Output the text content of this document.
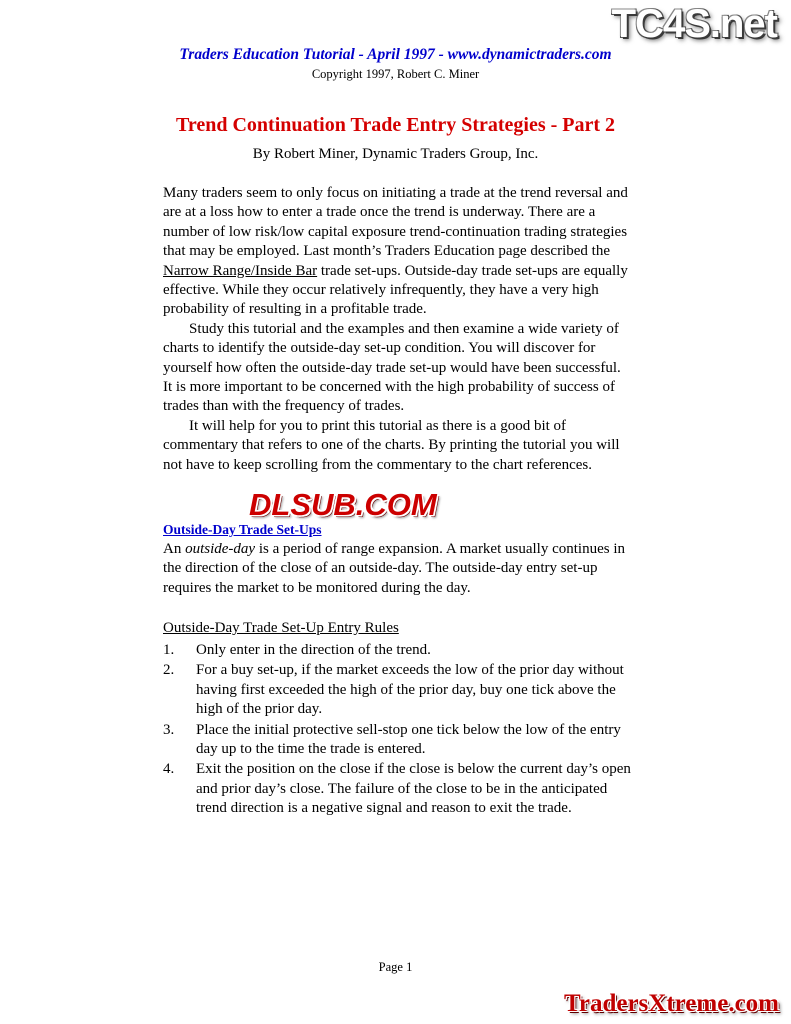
TC4S.net
Traders Education Tutorial - April 1997 - www.dynamictraders.com
Copyright 1997, Robert C. Miner
Trend Continuation Trade Entry Strategies - Part 2
By Robert Miner, Dynamic Traders Group, Inc.

Many traders seem to only focus on initiating a trade at the trend reversal and are at a loss how to enter a trade once the trend is underway. There are a number of low risk/low capital exposure trend-continuation trading strategies that may be employed. Last month’s Traders Education page described the Narrow Range/Inside Bar trade set-ups. Outside-day trade set-ups are equally effective. While they occur relatively infrequently, they have a very high probability of resulting in a profitable trade.

Study this tutorial and the examples and then examine a wide variety of charts to identify the outside-day set-up condition. You will discover for yourself how often the outside-day trade set-up would have been successful. It is more important to be concerned with the high probability of success of trades than with the frequency of trades.

It will help for you to print this tutorial as there is a good bit of commentary that refers to one of the charts. By printing the tutorial you will not have to keep scrolling from the commentary to the chart references.

DLSUB.COM
Outside-Day Trade Set-Ups
An outside-day is a period of range expansion. A market usually continues in the direction of the close of an outside-day. The outside-day entry set-up requires the market to be monitored during the day.
Outside-Day Trade Set-Up Entry Rules
1.	Only enter in the direction of the trend.
2.	For a buy set-up, if the market exceeds the low of the prior day without having first exceeded the high of the prior day, buy one tick above the high of the prior day.
3.	Place the initial protective sell-stop one tick below the low of the entry day up to the time the trade is entered.
4.	Exit the position on the close if the close is below the current day’s open and prior day’s close. The failure of the close to be in the anticipated trend direction is a negative signal and reason to exit the trade.
Page 1
TradersXtreme.com
